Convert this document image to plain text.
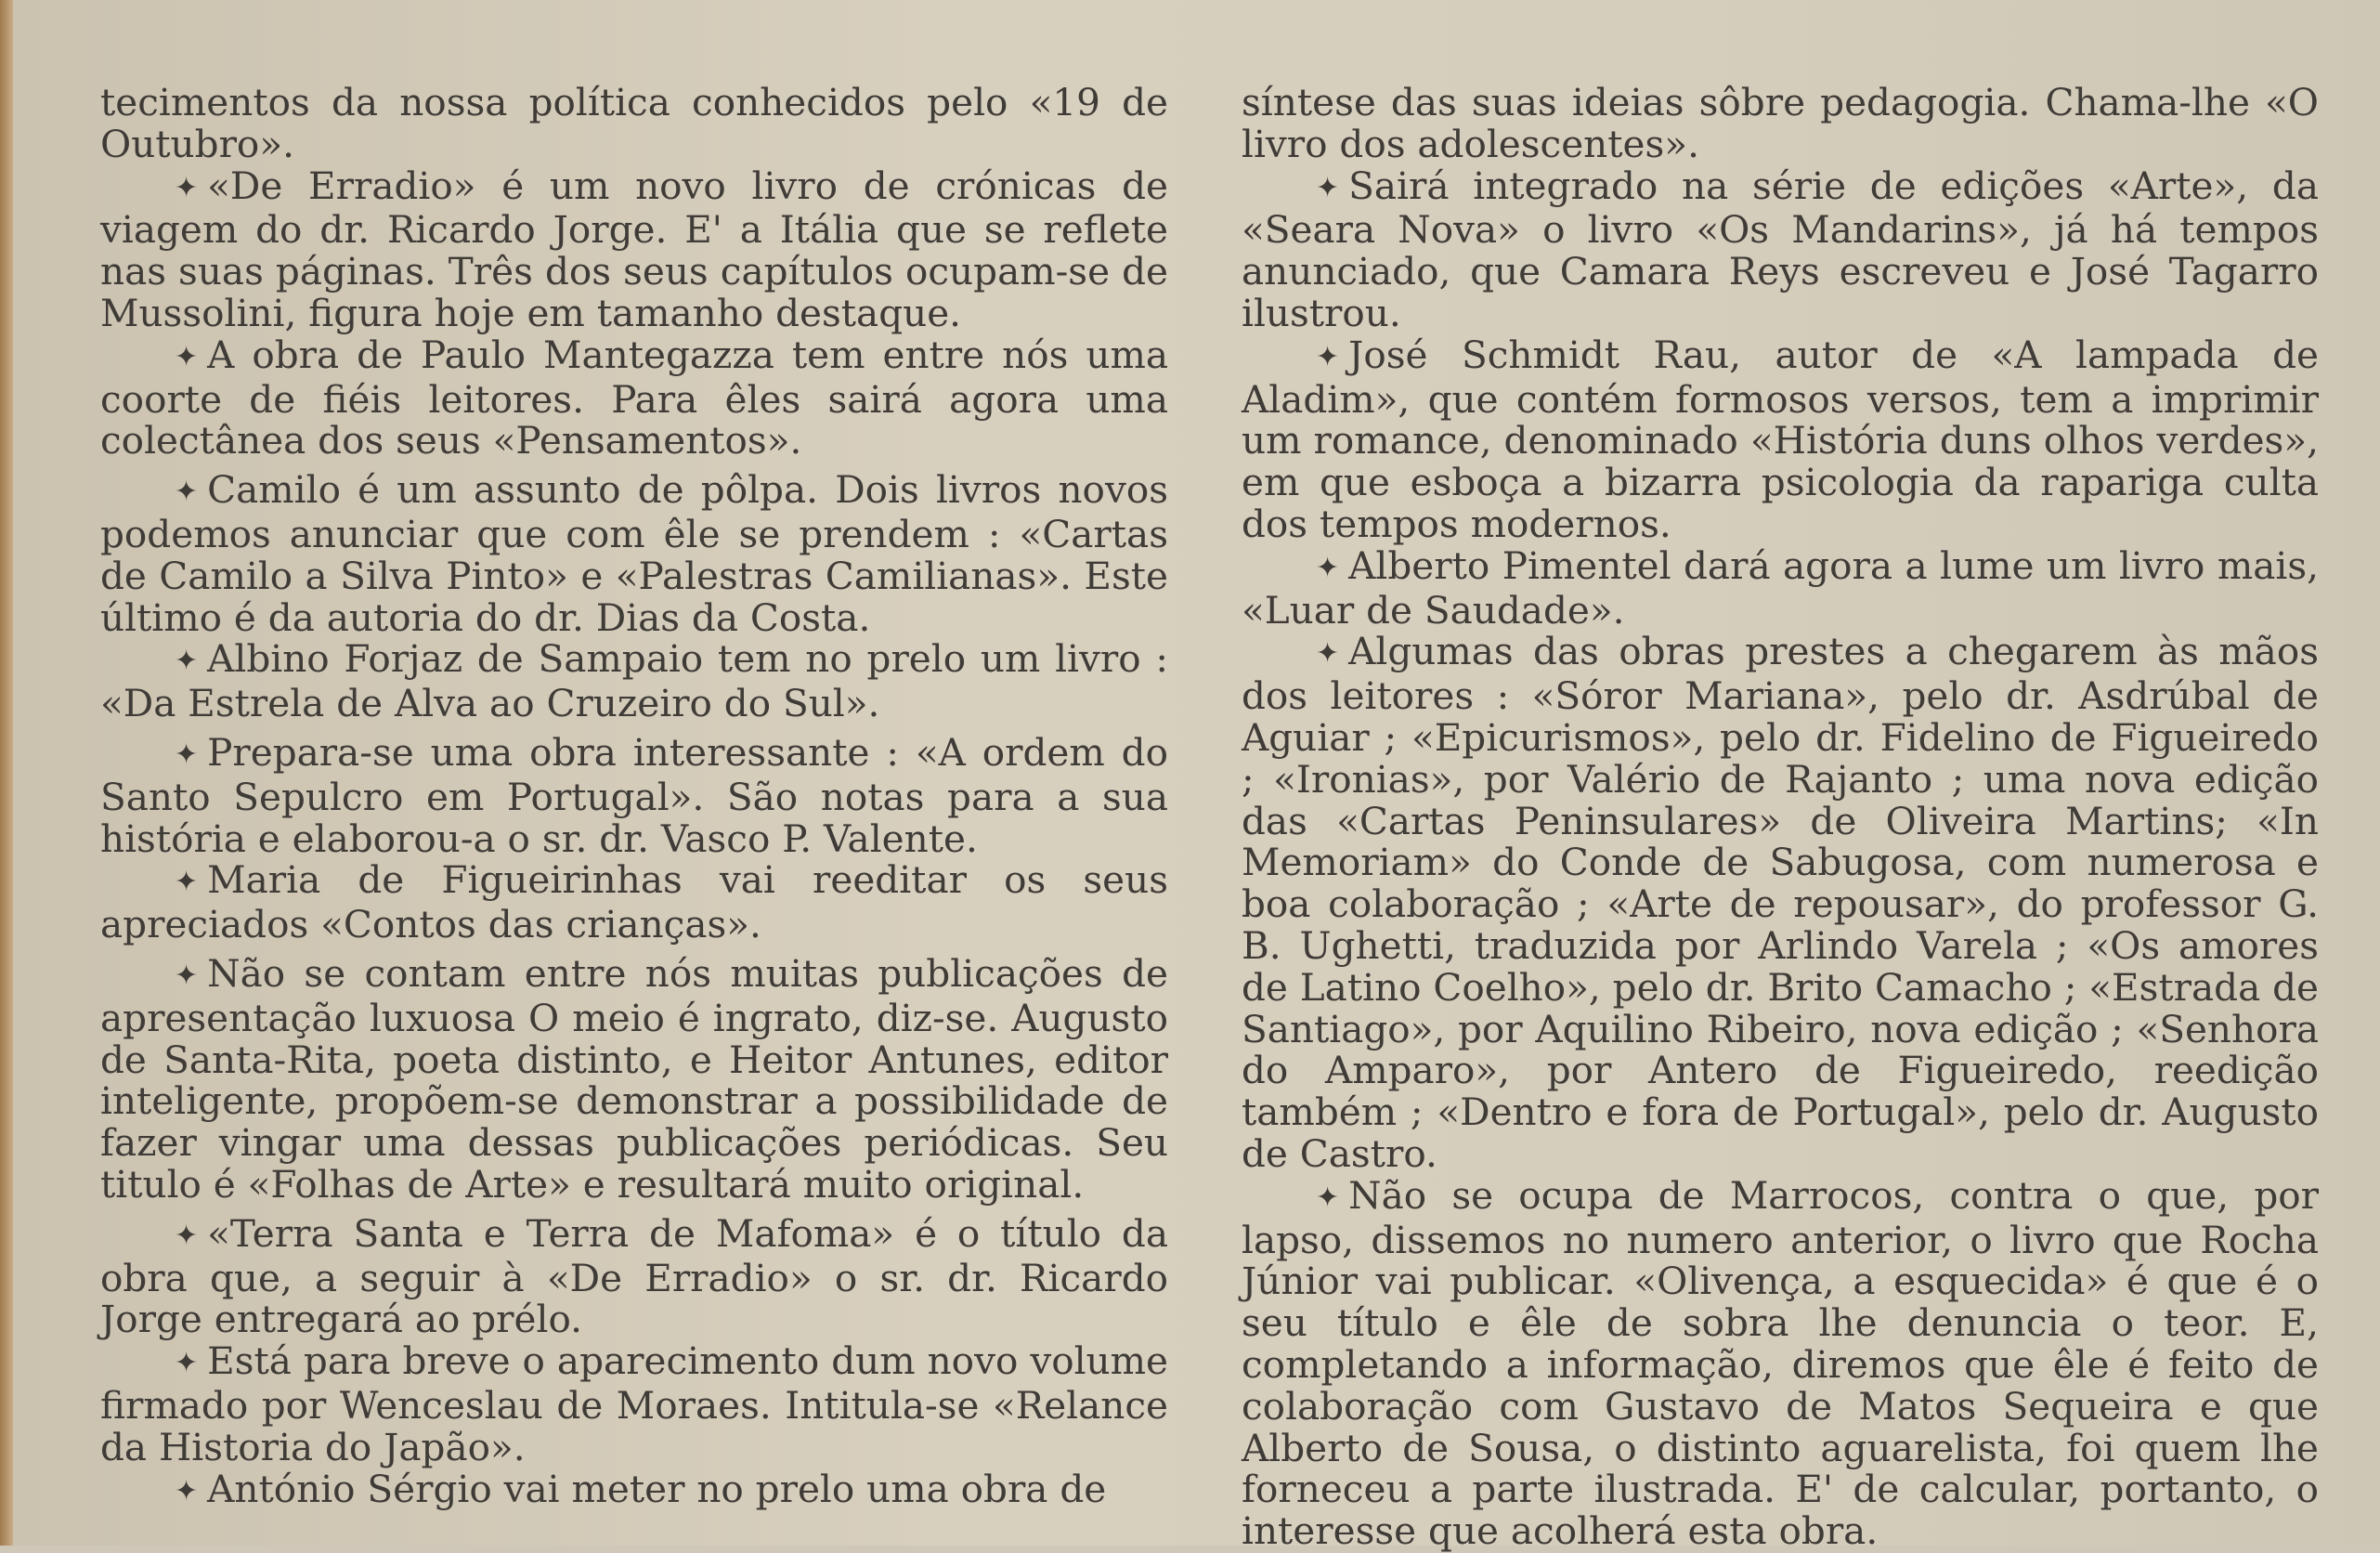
tecimentos da nossa política conhecidos pelo «19 de Outubro».

✦ «De Erradio» é um novo livro de crónicas de viagem do dr. Ricardo Jorge. E' a Itália que se reflete nas suas páginas. Três dos seus capítulos ocupam-se de Mussolini, figura hoje em tamanho destaque.

✦ A obra de Paulo Mantegazza tem entre nós uma coorte de fiéis leitores. Para êles sairá agora uma colectânea dos seus «Pensamentos».

✦ Camilo é um assunto de pôlpa. Dois livros novos podemos anunciar que com êle se prendem : «Cartas de Camilo a Silva Pinto» e «Palestras Camilianas». Este último é da autoria do dr. Dias da Costa.

✦ Albino Forjaz de Sampaio tem no prelo um livro : «Da Estrela de Alva ao Cruzeiro do Sul».

✦ Prepara-se uma obra interessante : «A ordem do Santo Sepulcro em Portugal». São notas para a sua história e elaborou-a o sr. dr. Vasco P. Valente.

✦ Maria de Figueirinhas vai reeditar os seus apreciados «Contos das crianças».

✦ Não se contam entre nós muitas publicações de apresentação luxuosa O meio é ingrato, diz-se. Augusto de Santa-Rita, poeta distinto, e Heitor Antunes, editor inteligente, propõem-se demonstrar a possibilidade de fazer vingar uma dessas publicações periódicas. Seu titulo é «Folhas de Arte» e resultará muito original.

✦ «Terra Santa e Terra de Mafoma» é o título da obra que, a seguir à «De Erradio» o sr. dr. Ricardo Jorge entregará ao prélo.

✦ Está para breve o aparecimento dum novo volume firmado por Wenceslau de Moraes. Intitula-se «Relance da Historia do Japão».

✦ António Sérgio vai meter no prelo uma obra de

síntese das suas ideias sôbre pedagogia. Chama-lhe «O livro dos adolescentes».

✦ Sairá integrado na série de edições «Arte», da «Seara Nova» o livro «Os Mandarins», já há tempos anunciado, que Camara Reys escreveu e José Tagarro ilustrou.

✦ José Schmidt Rau, autor de «A lampada de Aladim», que contém formosos versos, tem a imprimir um romance, denominado «História duns olhos verdes», em que esboça a bizarra psicologia da rapariga culta dos tempos modernos.

✦ Alberto Pimentel dará agora a lume um livro mais, «Luar de Saudade».

✦ Algumas das obras prestes a chegarem às mãos dos leitores : «Sóror Mariana», pelo dr. Asdrúbal de Aguiar ; «Epicurismos», pelo dr. Fidelino de Figueiredo ; «Ironias», por Valério de Rajanto ; uma nova edição das «Cartas Peninsulares» de Oliveira Martins; «In Memoriam» do Conde de Sabugosa, com numerosa e boa colaboração ; «Arte de repousar», do professor G. B. Ughetti, traduzida por Arlindo Varela ; «Os amores de Latino Coelho», pelo dr. Brito Camacho ; «Estrada de Santiago», por Aquilino Ribeiro, nova edição ; «Senhora do Amparo», por Antero de Figueiredo, reedição também ; «Dentro e fora de Portugal», pelo dr. Augusto de Castro.

✦ Não se ocupa de Marrocos, contra o que, por lapso, dissemos no numero anterior, o livro que Rocha Júnior vai publicar. «Olivença, a esquecida» é que é o seu título e êle de sobra lhe denuncia o teor. E, completando a informação, diremos que êle é feito de colaboração com Gustavo de Matos Sequeira e que Alberto de Sousa, o distinto aguarelista, foi quem lhe forneceu a parte ilustrada. E' de calcular, portanto, o interesse que acolherá esta obra.
